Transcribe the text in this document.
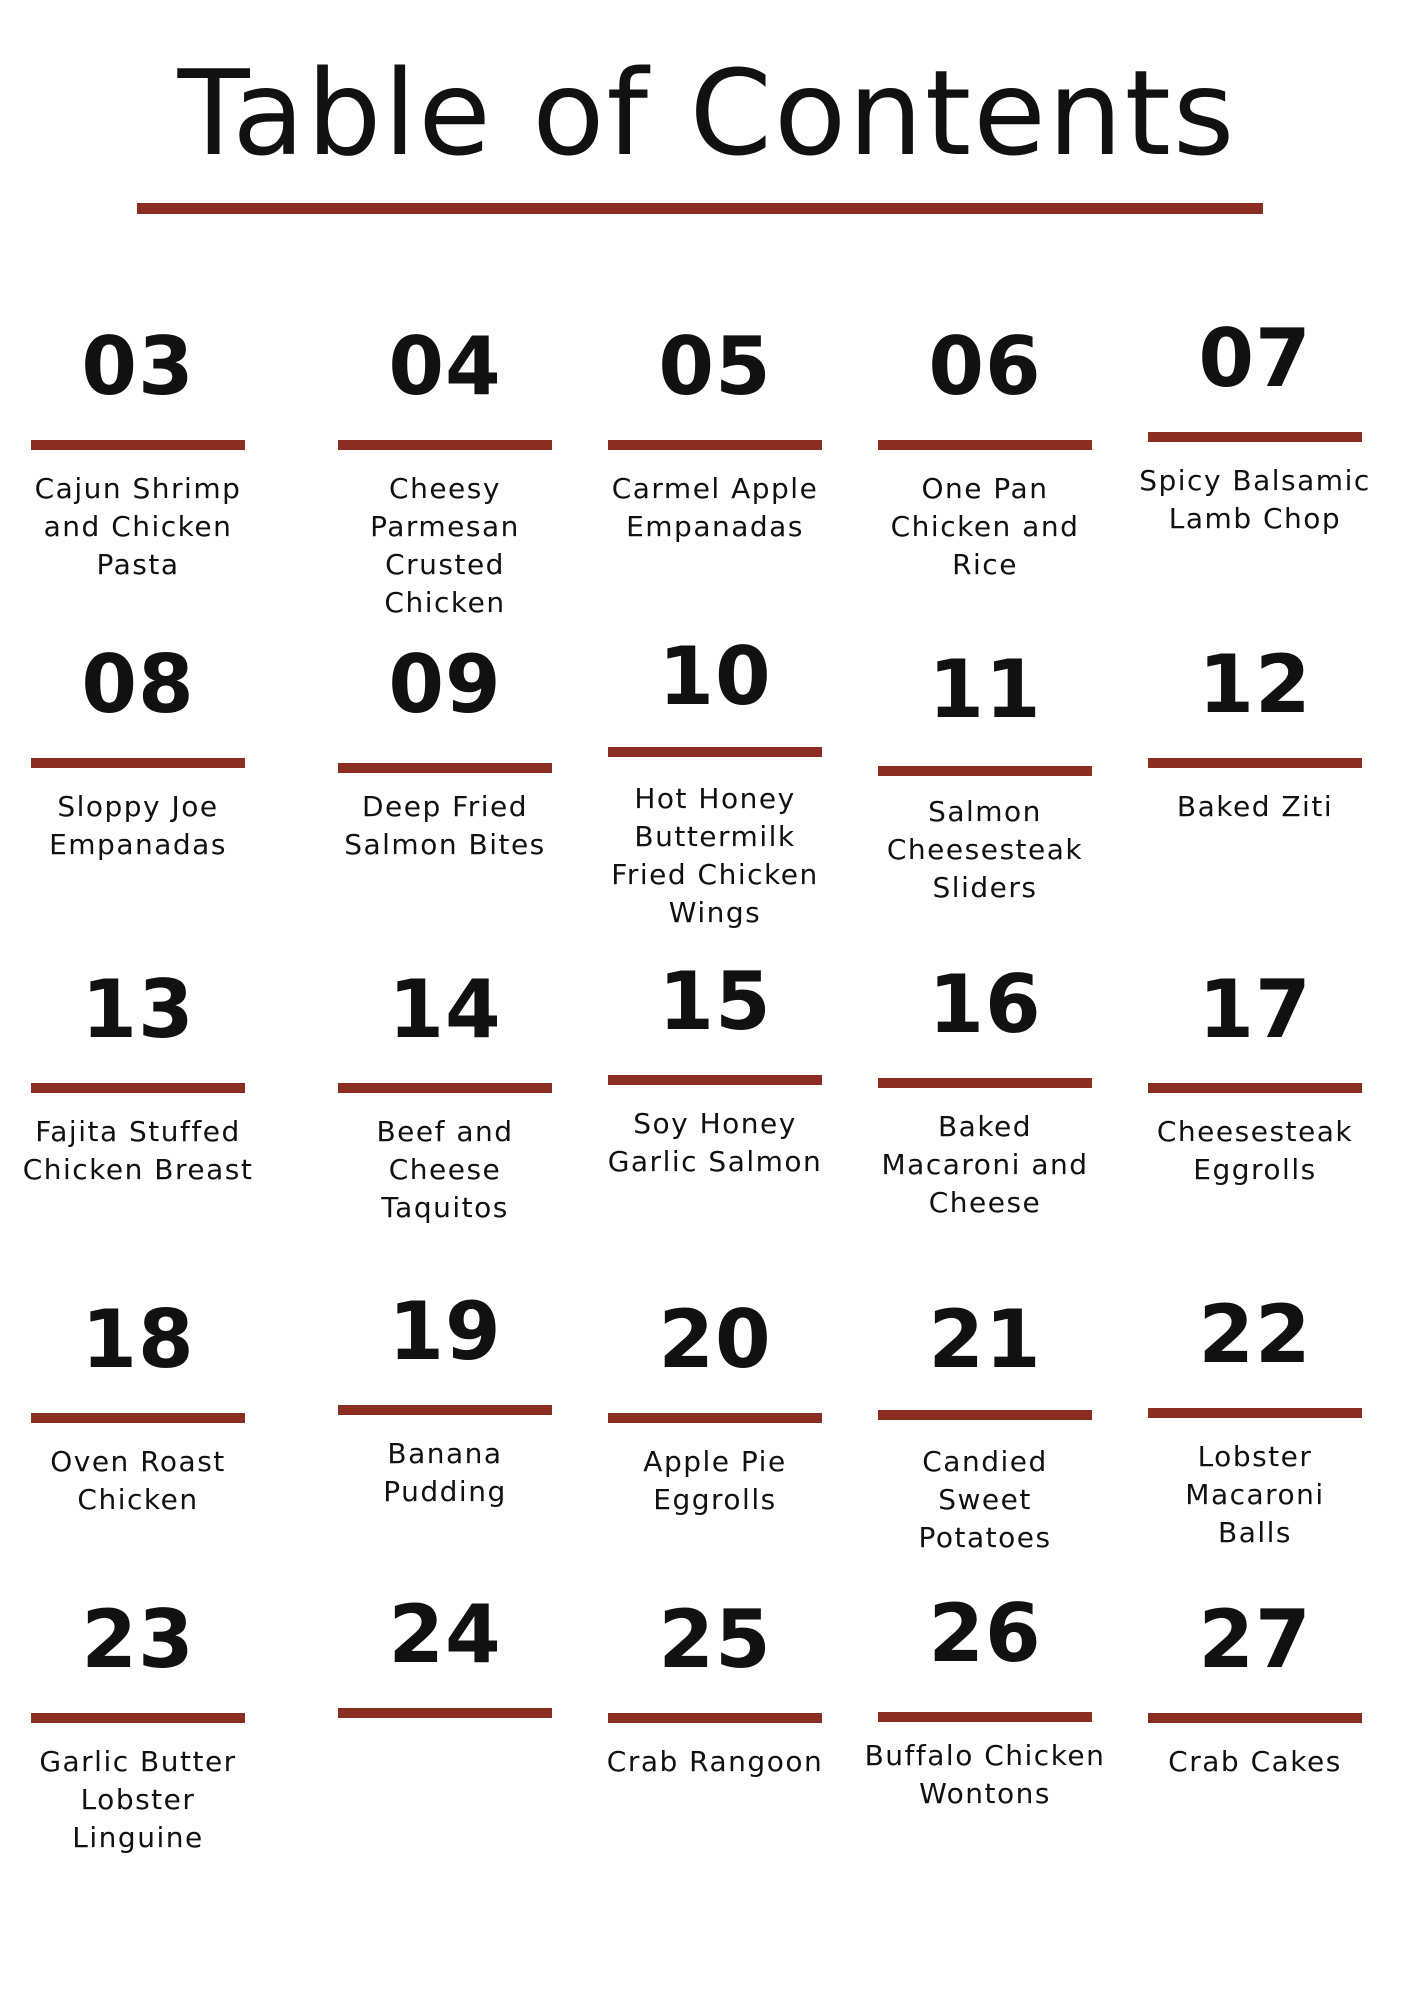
Table of Contents
03
Cajun Shrimp
and Chicken
Pasta
04
Cheesy
Parmesan
Crusted
Chicken
05
Carmel Apple
Empanadas
06
One Pan
Chicken and
Rice
07
Spicy Balsamic
Lamb Chop
08
Sloppy Joe
Empanadas
09
Deep Fried
Salmon Bites
10
Hot Honey
Buttermilk
Fried Chicken
Wings
11
Salmon
Cheesesteak
Sliders
12
Baked Ziti
13
Fajita Stuffed
Chicken Breast
14
Beef and
Cheese
Taquitos
15
Soy Honey
Garlic Salmon
16
Baked
Macaroni and
Cheese
17
Cheesesteak
Eggrolls
18
Oven Roast
Chicken
19
Banana
Pudding
20
Apple Pie
Eggrolls
21
Candied
Sweet
Potatoes
22
Lobster
Macaroni
Balls
23
Garlic Butter
Lobster
Linguine
24	25
Crab Rangoon
26
Buffalo Chicken
Wontons
27
Crab Cakes
